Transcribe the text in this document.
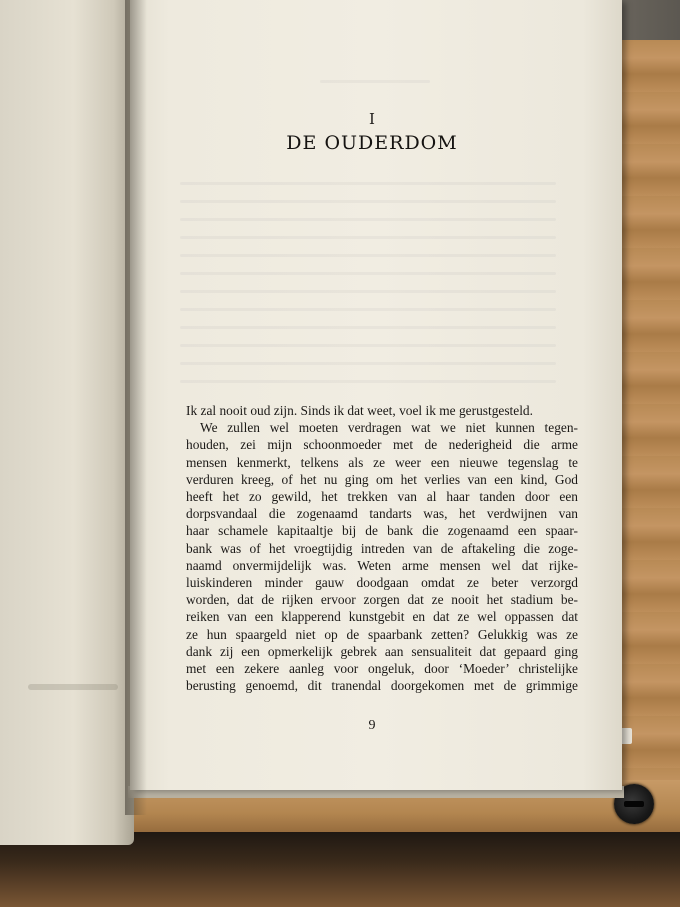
I
DE OUDERDOM
Ik zal nooit oud zijn. Sinds ik dat weet, voel ik me gerustgesteld.
We zullen wel moeten verdragen wat we niet kunnen tegen-
houden, zei mijn schoonmoeder met de nederigheid die arme
mensen kenmerkt, telkens als ze weer een nieuwe tegenslag te
verduren kreeg, of het nu ging om het verlies van een kind, God
heeft het zo gewild, het trekken van al haar tanden door een
dorpsvandaal die zogenaamd tandarts was, het verdwijnen van
haar schamele kapitaaltje bij de bank die zogenaamd een spaar-
bank was of het vroegtijdig intreden van de aftakeling die zoge-
naamd onvermijdelijk was. Weten arme mensen wel dat rijke-
luiskinderen minder gauw doodgaan omdat ze beter verzorgd
worden, dat de rijken ervoor zorgen dat ze nooit het stadium be-
reiken van een klapperend kunstgebit en dat ze wel oppassen dat
ze hun spaargeld niet op de spaarbank zetten? Gelukkig was ze
dank zij een opmerkelijk gebrek aan sensualiteit dat gepaard ging
met een zekere aanleg voor ongeluk, door ‘Moeder’ christelijke
berusting genoemd, dit tranendal doorgekomen met de grimmige
9
